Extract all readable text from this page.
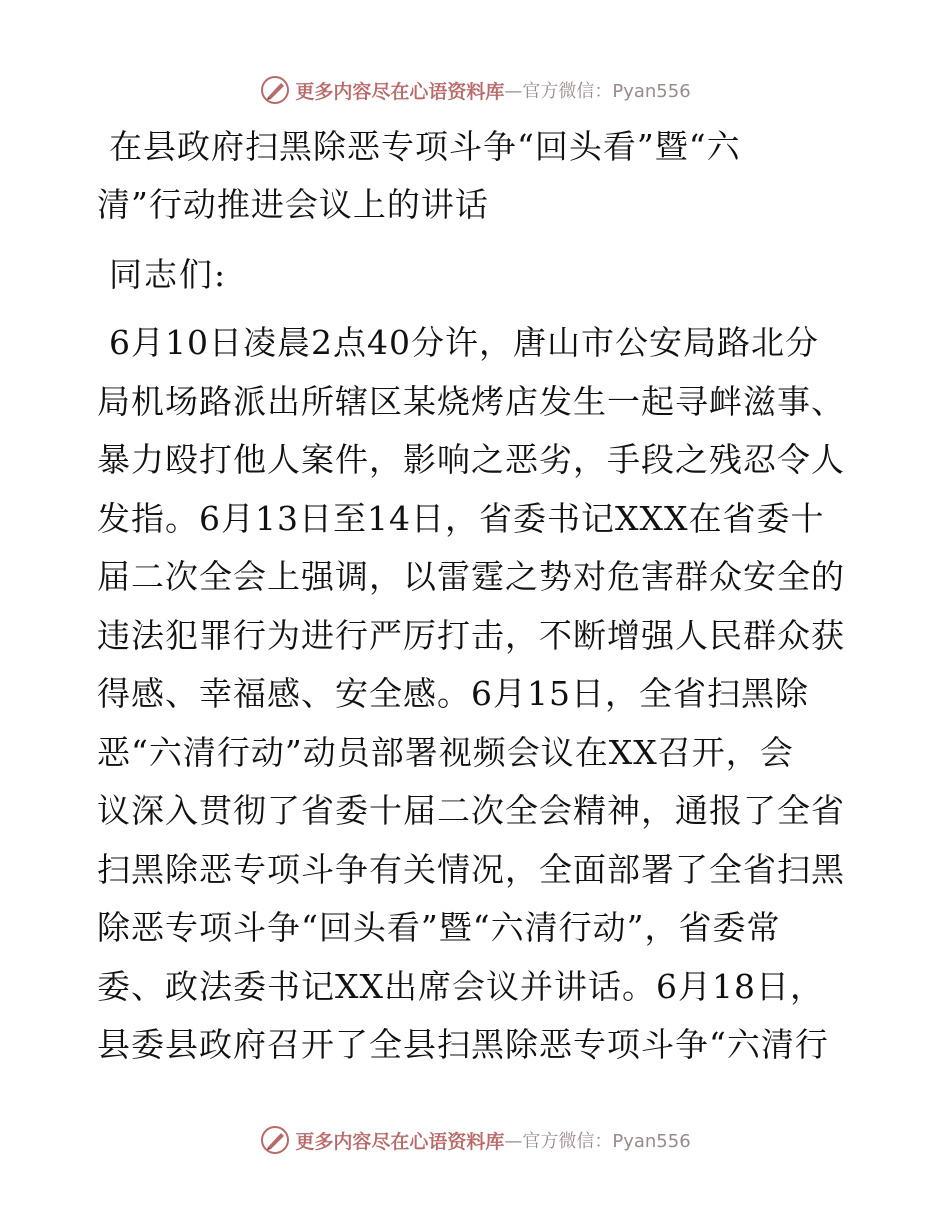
更多内容尽在心语资料库 —官方微信：Pyan556
在县政府扫黑除恶专项斗争“回头看”暨“六
清”行动推进会议上的讲话

同志们:

6月10日凌晨2点40分许，唐山市公安局路北分
局机场路派出所辖区某烧烤店发生一起寻衅滋事、
暴力殴打他人案件，影响之恶劣，手段之残忍令人
发指。6月13日至14日，省委书记XXX在省委十
届二次全会上强调，以雷霆之势对危害群众安全的
违法犯罪行为进行严厉打击，不断增强人民群众获
得感、幸福感、安全感。6月15日，全省扫黑除
恶“六清行动”动员部署视频会议在XX召开，会
议深入贯彻了省委十届二次全会精神，通报了全省
扫黑除恶专项斗争有关情况，全面部署了全省扫黑
除恶专项斗争“回头看”暨“六清行动”，省委常
委、政法委书记XX出席会议并讲话。6月18日，
县委县政府召开了全县扫黑除恶专项斗争“六清行

更多内容尽在心语资料库 —官方微信：Pyan556
